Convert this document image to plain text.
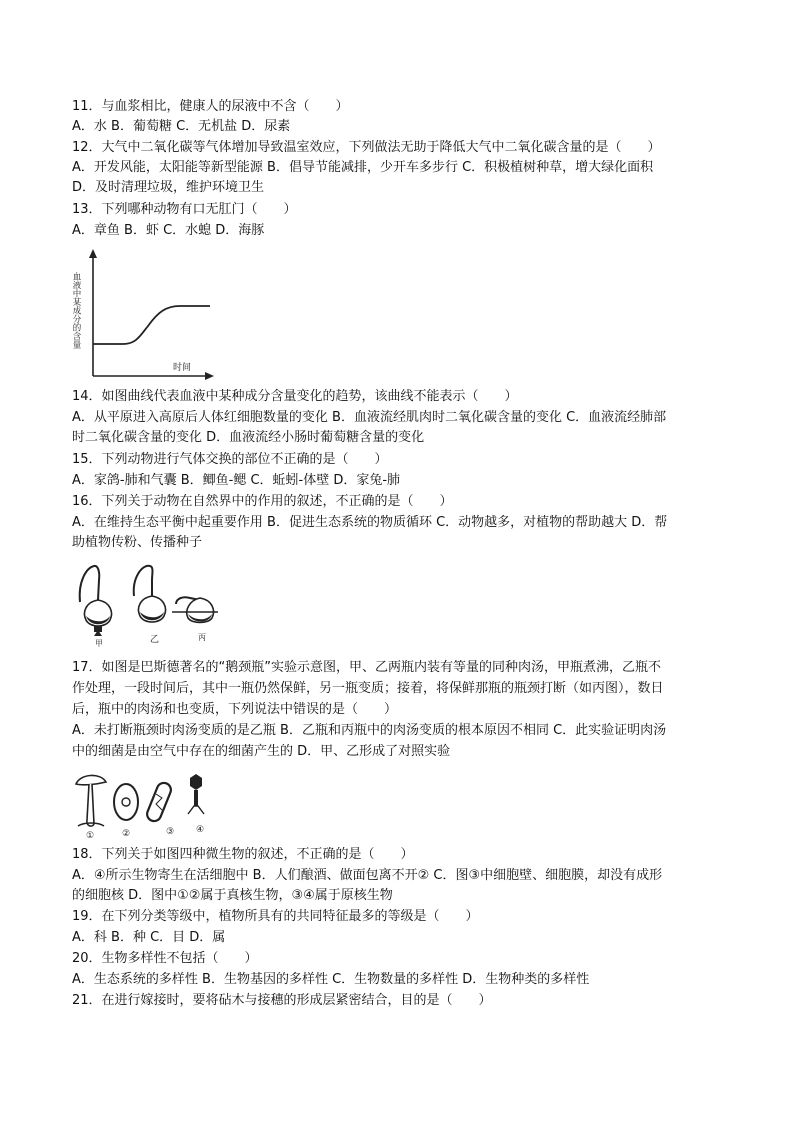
11．与血浆相比，健康人的尿液中不含（　　）
A．水 B．葡萄糖 C．无机盐 D．尿素
12．大气中二氧化碳等气体增加导致温室效应，下列做法无助于降低大气中二氧化碳含量的是（　　）
A．开发风能，太阳能等新型能源 B．倡导节能减排，少开车多步行 C．积极植树种草，增大绿化面积
D．及时清理垃圾，维护环境卫生
13．下列哪种动物有口无肛门（　　）
A．章鱼 B．虾 C．水螅 D．海豚
血液中某成分的含量
时间
14．如图曲线代表血液中某种成分含量变化的趋势，该曲线不能表示（　　）
A．从平原进入高原后人体红细胞数量的变化 B．血液流经肌肉时二氧化碳含量的变化 C．血液流经肺部
时二氧化碳含量的变化 D．血液流经小肠时葡萄糖含量的变化
15．下列动物进行气体交换的部位不正确的是（　　）
A．家鸽-肺和气囊 B．鲫鱼-鳃 C．蚯蚓-体壁 D．家兔-肺
16．下列关于动物在自然界中的作用的叙述，不正确的是（　　）
A．在维持生态平衡中起重要作用 B．促进生态系统的物质循环 C．动物越多，对植物的帮助越大 D．帮
助植物传粉、传播种子
甲	乙	丙
17．如图是巴斯德著名的“鹅颈瓶”实验示意图，甲、乙两瓶内装有等量的同种肉汤，甲瓶煮沸，乙瓶不
作处理，一段时间后，其中一瓶仍然保鲜，另一瓶变质；接着，将保鲜那瓶的瓶颈打断（如丙图），数日
后，瓶中的肉汤和也变质，下列说法中错误的是（　　）
A．未打断瓶颈时肉汤变质的是乙瓶 B．乙瓶和丙瓶中的肉汤变质的根本原因不相同 C．此实验证明肉汤
中的细菌是由空气中存在的细菌产生的 D．甲、乙形成了对照实验
①	②	③ ④
18．下列关于如图四种微生物的叙述，不正确的是（　　）
A．④所示生物寄生在活细胞中 B．人们酿酒、做面包离不开② C．图③中细胞壁、细胞膜，却没有成形
的细胞核 D．图中①②属于真核生物，③④属于原核生物
19．在下列分类等级中，植物所具有的共同特征最多的等级是（　　）
A．科 B．种 C．目 D．属
20．生物多样性不包括（　　）
A．生态系统的多样性 B．生物基因的多样性 C．生物数量的多样性 D．生物种类的多样性
21．在进行嫁接时，要将砧木与接穗的形成层紧密结合，目的是（　　）
